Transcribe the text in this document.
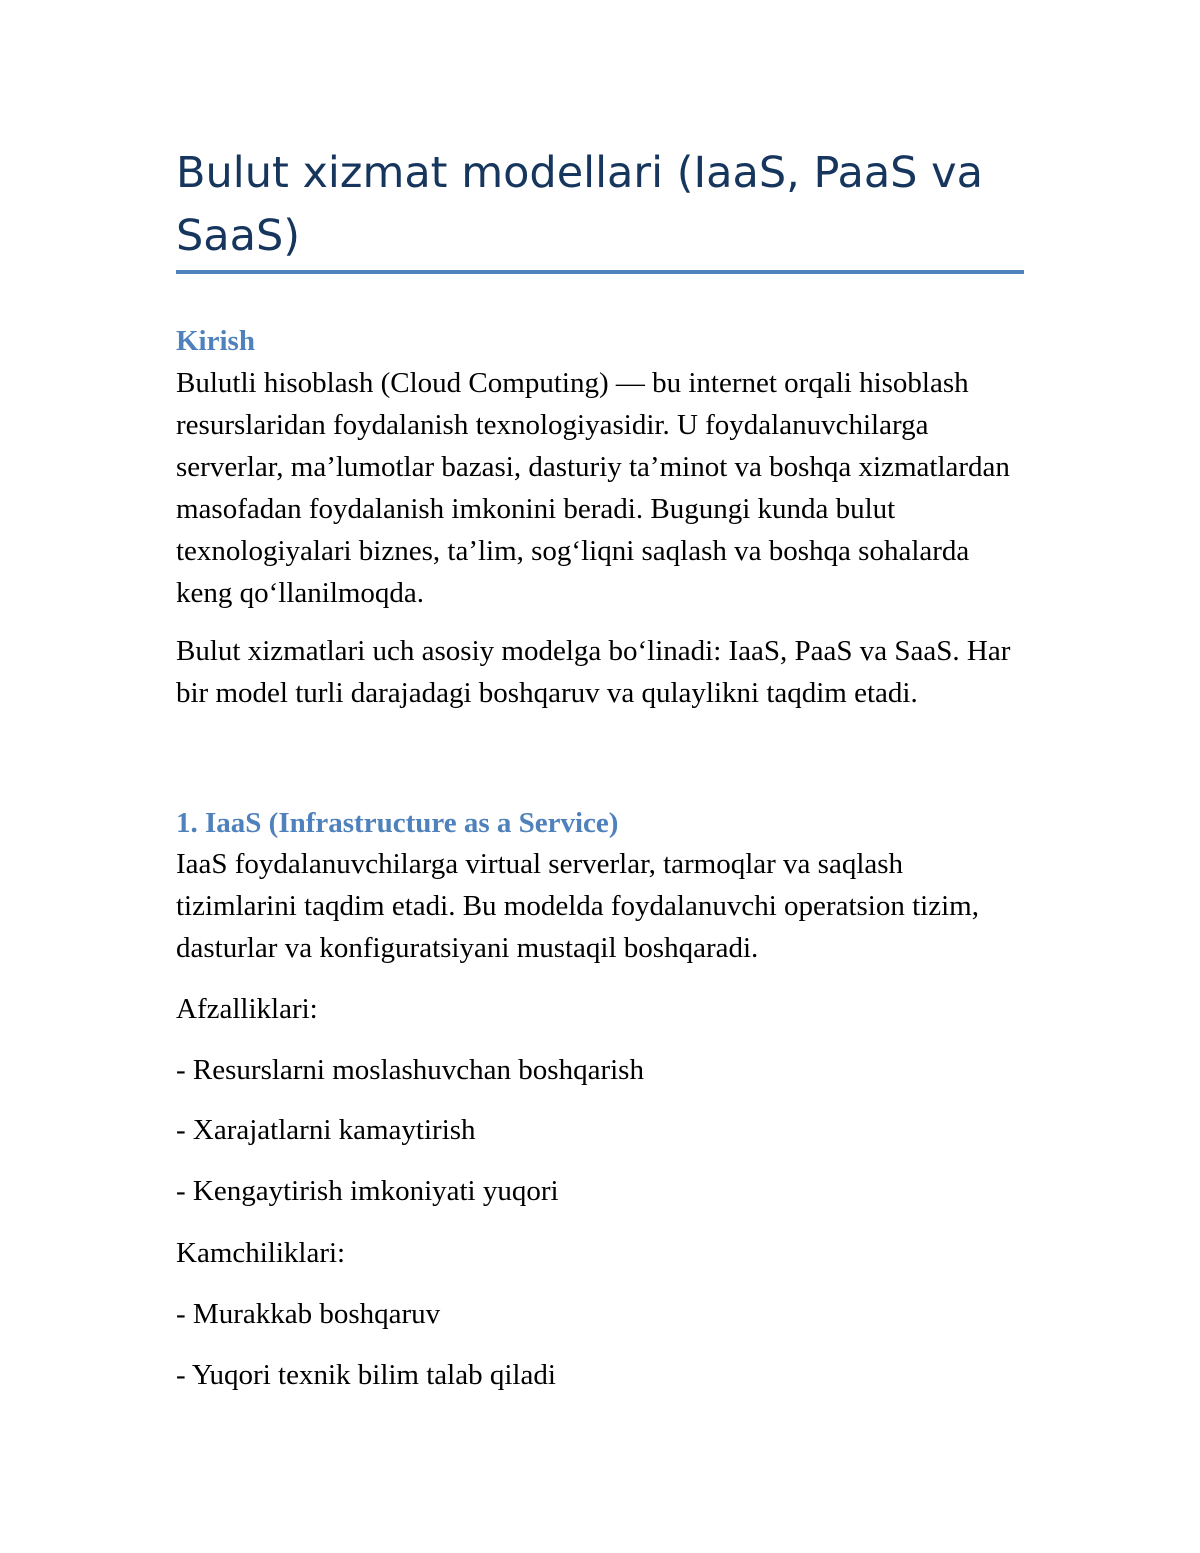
Bulut xizmat modellari (IaaS, PaaS va SaaS)
Kirish

Bulutli hisoblash (Cloud Computing) — bu internet orqali hisoblash resurslaridan foydalanish texnologiyasidir. U foydalanuvchilarga serverlar, ma’lumotlar bazasi, dasturiy ta’minot va boshqa xizmatlardan masofadan foydalanish imkonini beradi. Bugungi kunda bulut texnologiyalari biznes, ta’lim, sog‘liqni saqlash va boshqa sohalarda keng qo‘llanilmoqda.

Bulut xizmatlari uch asosiy modelga bo‘linadi: IaaS, PaaS va SaaS. Har bir model turli darajadagi boshqaruv va qulaylikni taqdim etadi.

1. IaaS (Infrastructure as a Service)

IaaS foydalanuvchilarga virtual serverlar, tarmoqlar va saqlash tizimlarini taqdim etadi. Bu modelda foydalanuvchi operatsion tizim, dasturlar va konfiguratsiyani mustaqil boshqaradi.

Afzalliklari:

- Resurslarni moslashuvchan boshqarish

- Xarajatlarni kamaytirish

- Kengaytirish imkoniyati yuqori

Kamchiliklari:

- Murakkab boshqaruv

- Yuqori texnik bilim talab qiladi
